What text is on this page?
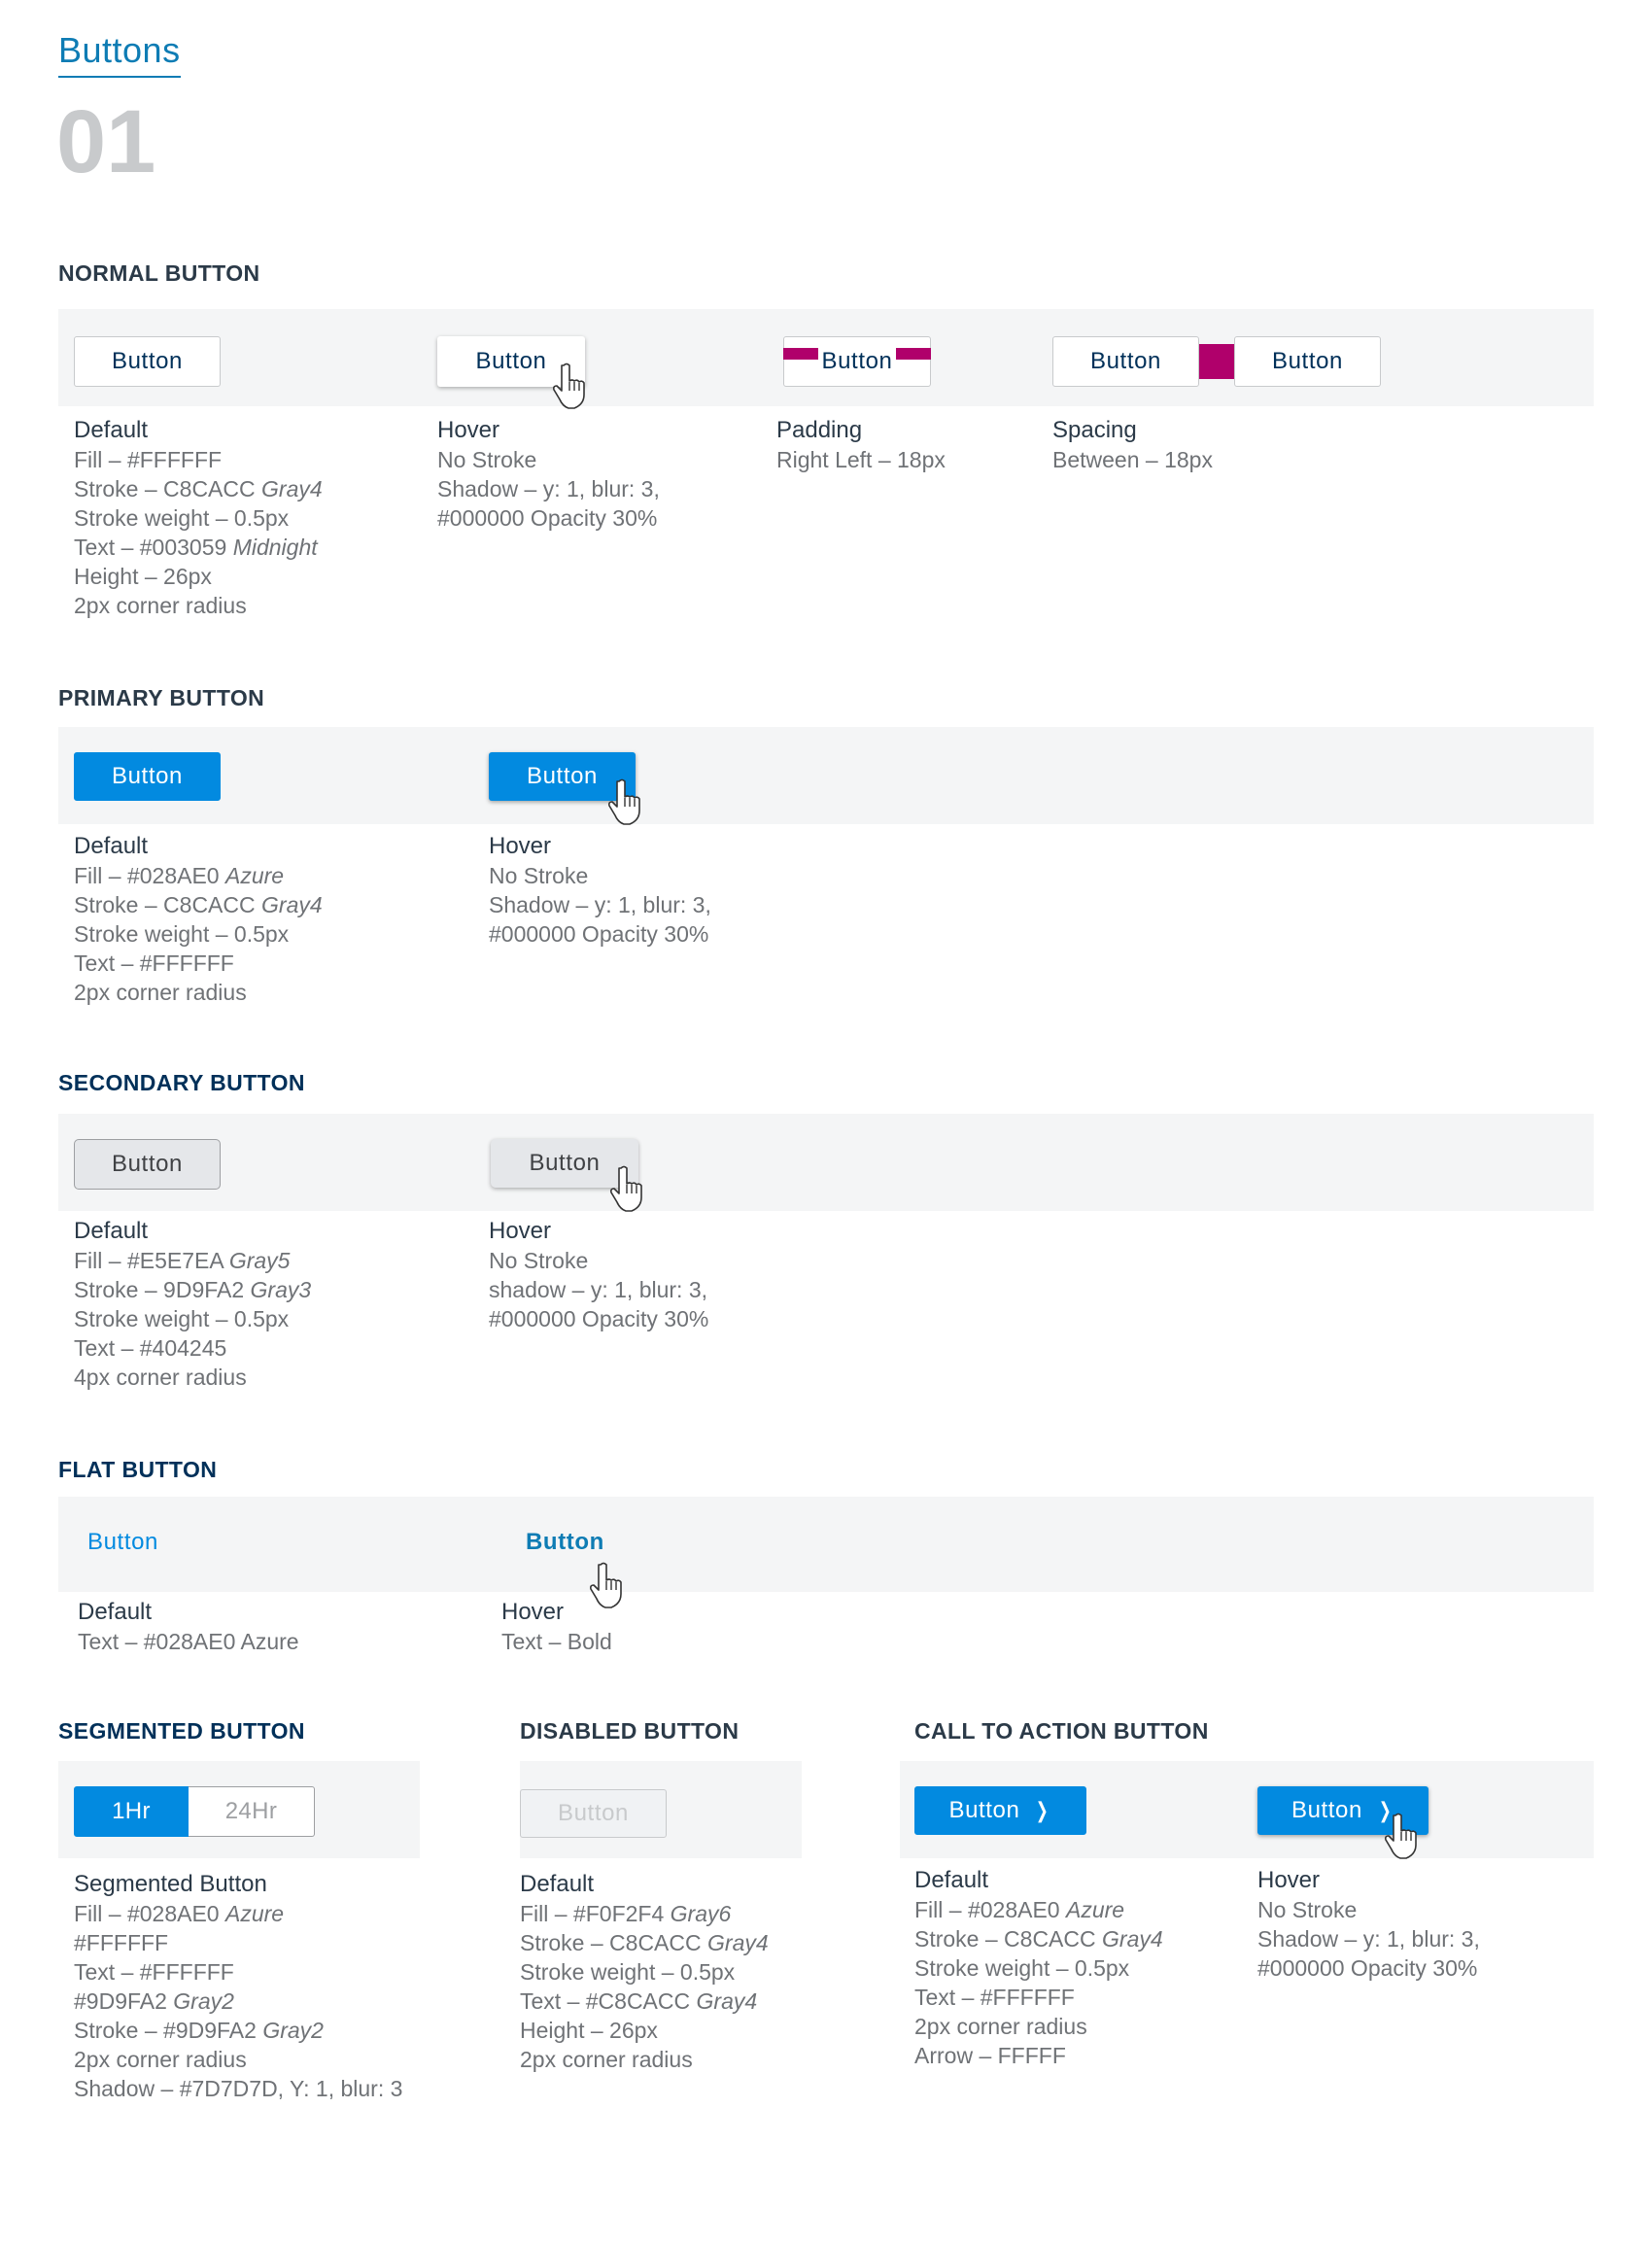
Buttons
01
NORMAL BUTTON
Button	Button	Button	Button	Button
Default
Fill – #FFFFFF
Stroke – C8CACC Gray4
Stroke weight – 0.5px
Text – #003059 Midnight
Height – 26px
2px corner radius
Hover
No Stroke
Shadow – y: 1, blur: 3,
#000000 Opacity 30%
Padding
Right Left – 18px
Spacing
Between – 18px
PRIMARY BUTTON
Button	Button
Default
Fill – #028AE0 Azure
Stroke – C8CACC Gray4
Stroke weight – 0.5px
Text – #FFFFFF
2px corner radius
Hover
No Stroke
Shadow – y: 1, blur: 3,
#000000 Opacity 30%
SECONDARY BUTTON
Button	Button
Default
Fill – #E5E7EA Gray5
Stroke – 9D9FA2 Gray3
Stroke weight – 0.5px
Text – #404245
4px corner radius
Hover
No Stroke
shadow – y: 1, blur: 3,
#000000 Opacity 30%
FLAT BUTTON
Button	Button
Default
Text – #028AE0 Azure
Hover
Text – Bold
SEGMENTED BUTTON
1Hr	24Hr
Segmented Button
Fill – #028AE0 Azure
#FFFFFF
Text – #FFFFFF
#9D9FA2 Gray2
Stroke – #9D9FA2 Gray2
2px corner radius
Shadow – #7D7D7D, Y: 1, blur: 3
DISABLED BUTTON
Button
Default
Fill – #F0F2F4 Gray6
Stroke – C8CACC Gray4
Stroke weight – 0.5px
Text – #C8CACC Gray4
Height – 26px
2px corner radius
CALL TO ACTION BUTTON
Button ❯	Button ❯
Default
Fill – #028AE0 Azure
Stroke – C8CACC Gray4
Stroke weight – 0.5px
Text – #FFFFFF
2px corner radius
Arrow – FFFFF
Hover
No Stroke
Shadow – y: 1, blur: 3,
#000000 Opacity 30%
